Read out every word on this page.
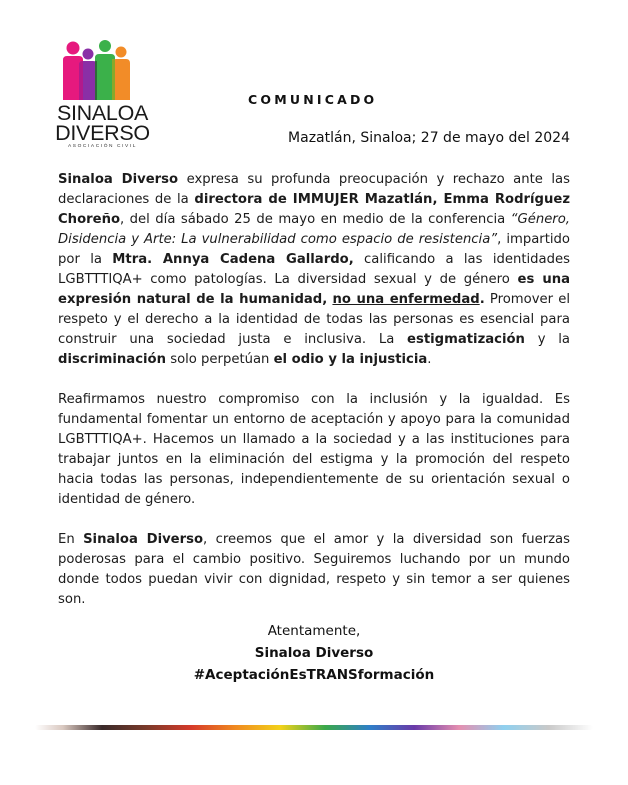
SINALOA
DIVERSO
ASOCIACIÓN CIVIL
COMUNICADO
Mazatlán, Sinaloa; 27 de mayo del 2024

Sinaloa Diverso expresa su profunda preocupación y rechazo ante las declaraciones de la directora de IMMUJER Mazatlán, Emma Rodríguez Choreño, del día sábado 25 de mayo en medio de la conferencia “Género, Disidencia y Arte: La vulnerabilidad como espacio de resistencia”, impartido por la Mtra. Annya Cadena Gallardo, calificando a las identidades LGBTTTIQA+ como patologías. La diversidad sexual y de género es una expresión natural de la humanidad, no una enfermedad. Promover el respeto y el derecho a la identidad de todas las personas es esencial para construir una sociedad justa e inclusiva. La estigmatización y la discriminación solo perpetúan el odio y la injusticia.

Reafirmamos nuestro compromiso con la inclusión y la igualdad. Es fundamental fomentar un entorno de aceptación y apoyo para la comunidad LGBTTTIQA+. Hacemos un llamado a la sociedad y a las instituciones para trabajar juntos en la eliminación del estigma y la promoción del respeto hacia todas las personas, independientemente de su orientación sexual o identidad de género.

En Sinaloa Diverso, creemos que el amor y la diversidad son fuerzas poderosas para el cambio positivo. Seguiremos luchando por un mundo donde todos puedan vivir con dignidad, respeto y sin temor a ser quienes son.

Atentamente,
Sinaloa Diverso
#AceptaciónEsTRANSformación
